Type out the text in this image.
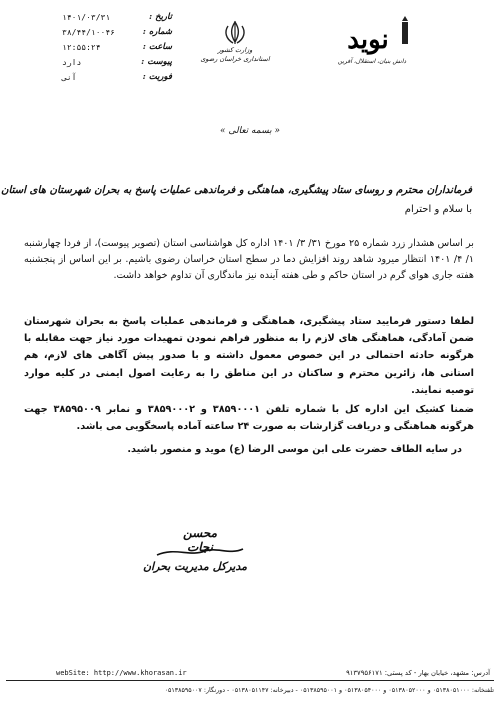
تاریخ :
۱۴۰۱/۰۳/۳۱
شماره :
۳۸/۴۴/۱۰۰۴۶
ساعت :
۱۲:۵۵:۲۴
پیوست :
دارد
فوریت :
آنی
وزارت کشور
استانداری خراسان رضوی
نوید
دانش بنیان، استقلال، آفرین
« بسمه تعالی »
فرمانداران محترم و رو‌سای ستاد پیشگیری، هماهنگی و فرماندهی عملیات پاسخ به بحران شهرستان های استان
با سلام و احترام
بر اساس هشدار زرد شماره ۲۵ مورخ ۳۱/ ۳/ ۱۴۰۱ اداره کل هواشناسی استان (تصویر پیوست)، از فردا چهارشنبه ۱/ ۴/ ۱۴۰۱ انتظار میرود شاهد روند افزایش دما در سطح استان خراسان رضوی باشیم. بر این اساس از پنجشنبه هفته جاری هوای گرم در استان حاکم و طی هفته آینده نیز ماندگاری آن تداوم خواهد داشت.
لطفا دستور فرمایید ستاد پیشگیری، هماهنگی و فرماندهی عملیات پاسخ به بحران شهرستان ضمن آمادگی، هماهنگی های لازم را به منظور فراهم نمودن تمهیدات مورد نیاز جهت مقابله با هرگونه حادثه احتمالی در این خصوص معمول داشته و با صدور پیش آگاهی های لازم، هم استانی ها، زائرین محترم و ساکنان در این مناطق را به رعایت اصول ایمنی در کلیه موارد توصیه نمایند.
ضمنا کشیک این اداره کل با شماره تلفن ۳۸۵۹۰۰۰۱ و ۳۸۵۹۰۰۰۲ و نمابر ۳۸۵۹۵۰۰۹ جهت هرگونه هماهنگی و دریافت گزارشات به صورت ۲۴ ساعته آماده پاسخگویی می باشد.
در سایه الطاف حضرت علی ابن موسی الرضا (ع) موید و منصور باشید.
محسن نجات
مدیرکل مدیریت بحران
webSite: http://www.khorasan.ir	آدرس: مشهد، خیابان بهار - کد پستی: ۹۱۳۷۹۵۶۱۷۱
تلفنخانه: ۰۵۱۳۸۰۵۱۰۰۰ و ۰۵۱۳۸۰۵۲۰۰۰ و ۰۵۱۳۸۰۵۴۰۰۰ و ۰۵۱۳۸۵۹۵۰۰۱ - دبیرخانه: ۰۵۱۳۸۰۵۱۱۴۷ - دورنگار: ۰۵۱۳۸۵۹۵۰۰۷
